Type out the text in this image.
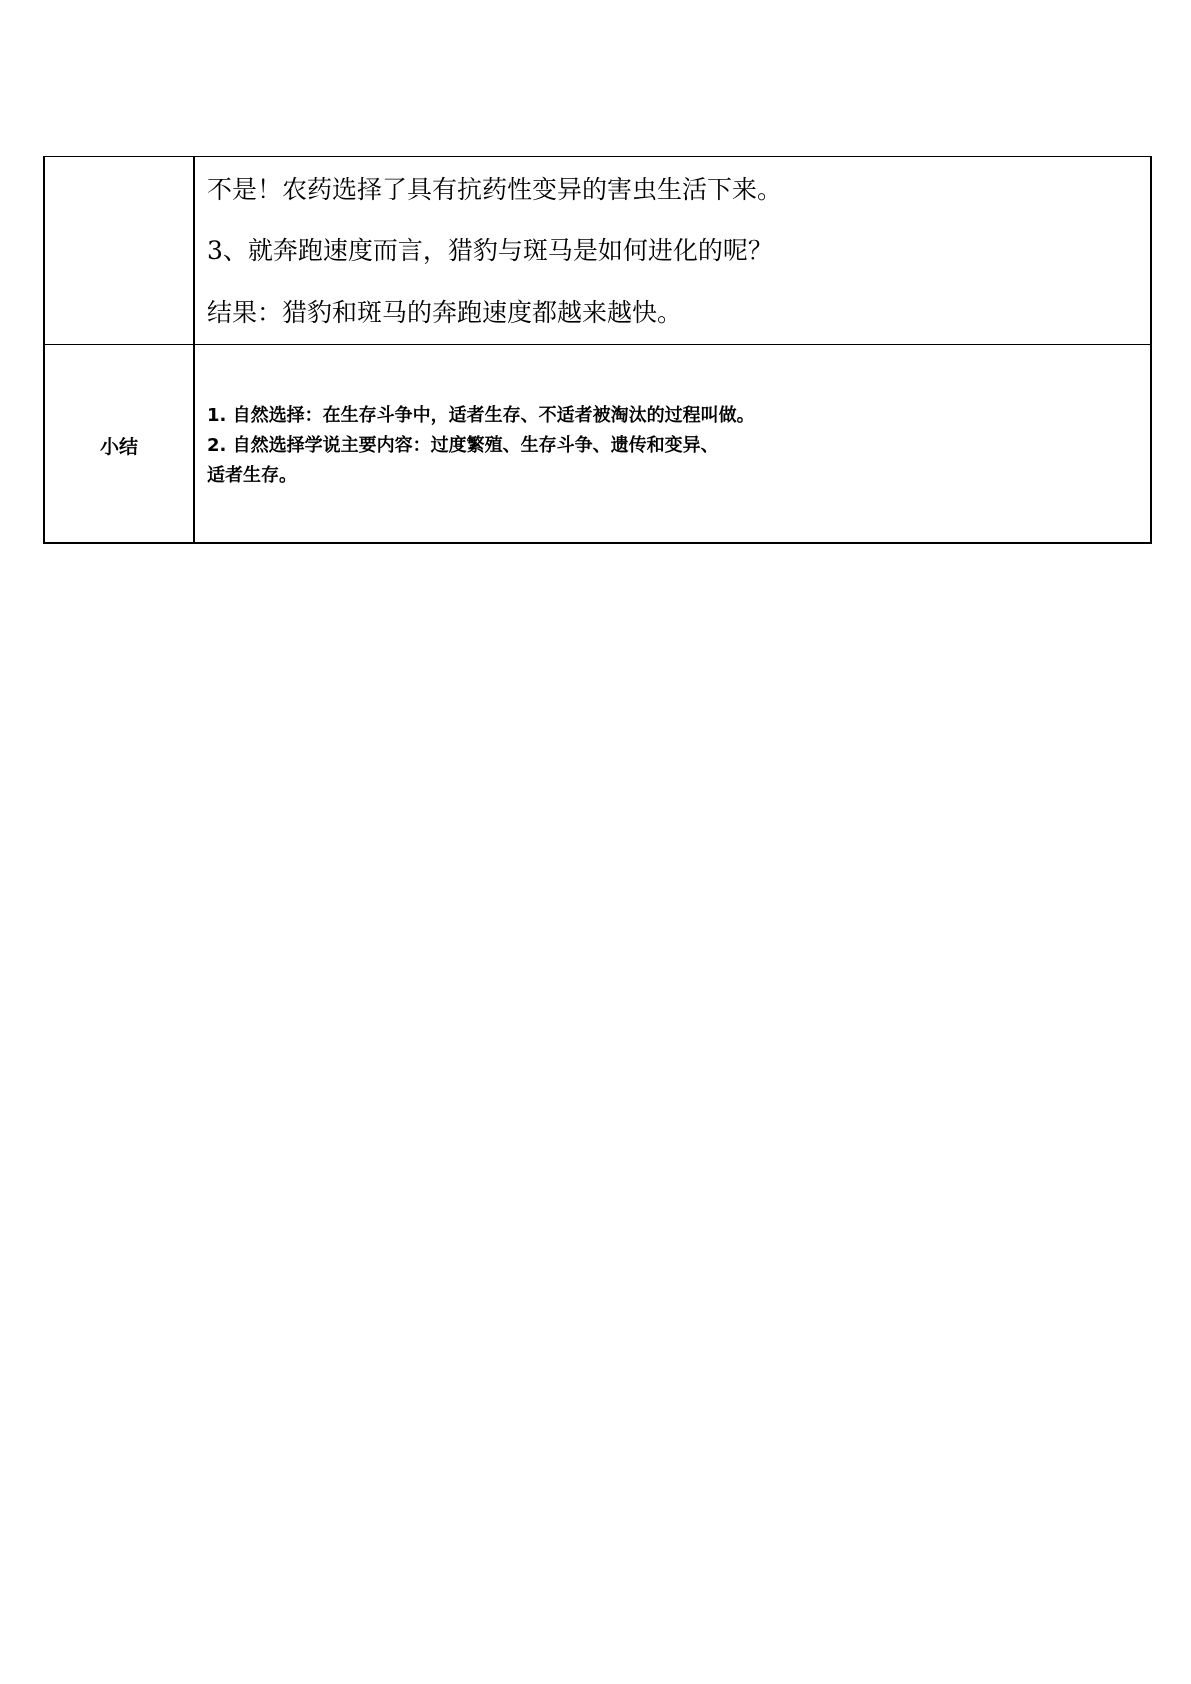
	不是！农药选择了具有抗药性变异的害虫生活下来。

3、就奔跑速度而言，猎豹与斑马是如何进化的呢？

结果：猎豹和斑马的奔跑速度都越来越快。

小结	1. 自然选择：在生存斗争中，适者生存、不适者被淘汰的过程叫做。

2. 自然选择学说主要内容：过度繁殖、生存斗争、遗传和变异、

适者生存。
